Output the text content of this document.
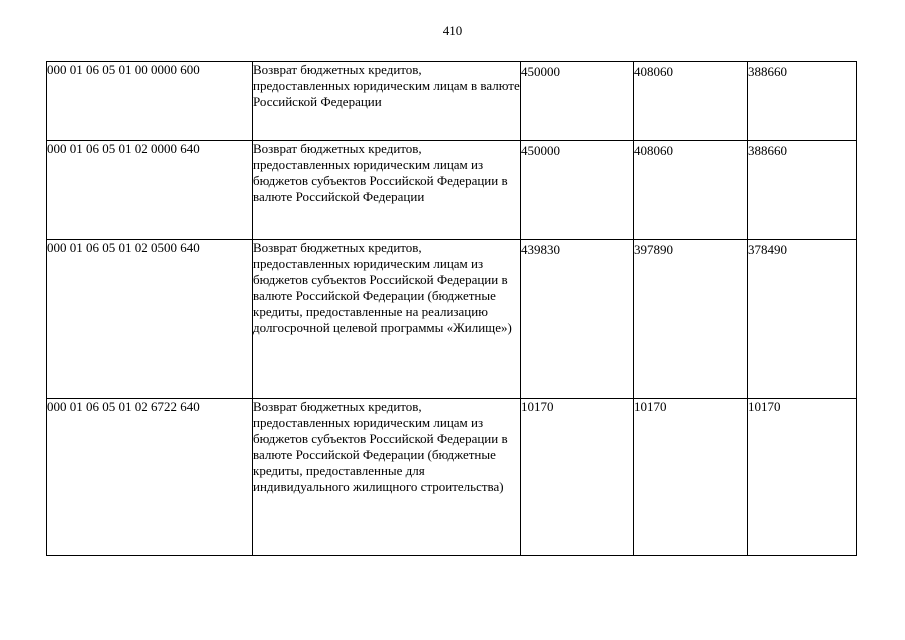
410
000 01 06 05 01 00 0000 600	Возврат бюджетных кредитов, предоставленных юридическим лицам в валюте Российской Федерации	450000	408060	388660
000 01 06 05 01 02 0000 640	Возврат бюджетных кредитов, предоставленных юридическим лицам из бюджетов субъектов Российской Федерации в валюте Российской Федерации	450000	408060	388660
000 01 06 05 01 02 0500 640	Возврат бюджетных кредитов, предоставленных юридическим лицам из бюджетов субъектов Российской Федерации в валюте Российской Федерации (бюджетные кредиты, предоставленные на реализацию долгосрочной целевой программы «Жилище»)	439830	397890	378490
000 01 06 05 01 02 6722 640	Возврат бюджетных кредитов, предоставленных юридическим лицам из бюджетов субъектов Российской Федерации в валюте Российской Федерации (бюджетные кредиты, предоставленные для индивидуального жилищного строительства)	10170	10170	10170
